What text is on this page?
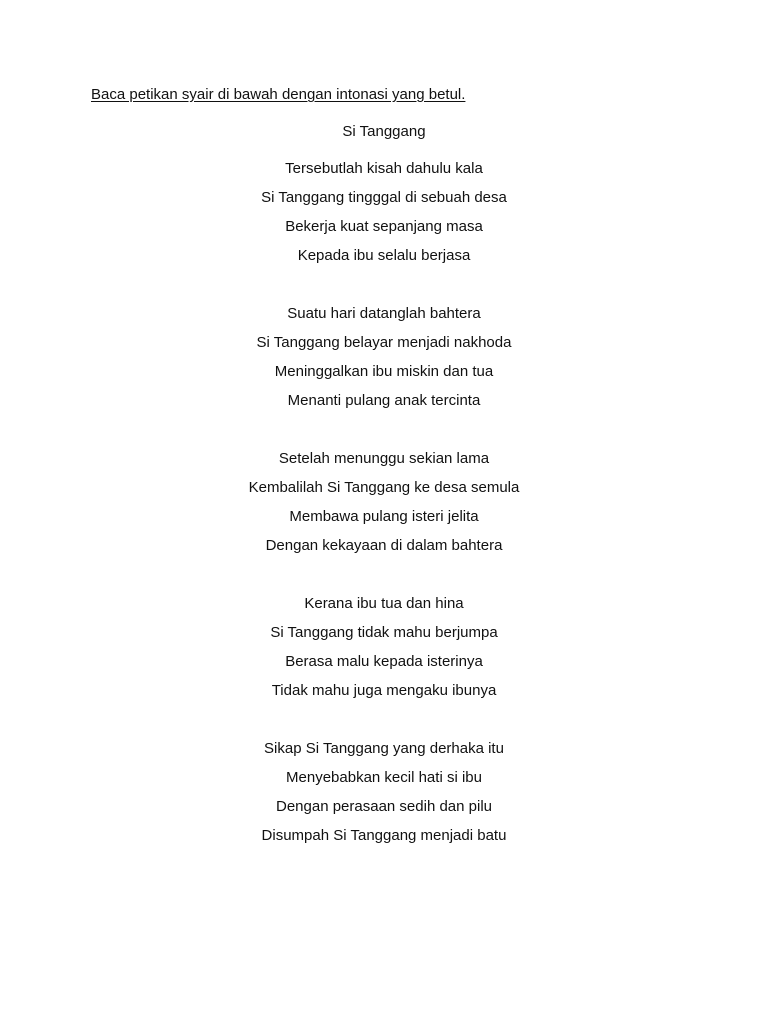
Baca petikan syair di bawah dengan intonasi yang betul.
Si Tanggang
Tersebutlah kisah dahulu kala
Si Tanggang tingggal di sebuah desa
Bekerja kuat sepanjang masa
Kepada ibu selalu berjasa
Suatu hari datanglah bahtera
Si Tanggang belayar menjadi nakhoda
Meninggalkan ibu miskin dan tua
Menanti pulang anak tercinta
Setelah menunggu sekian lama
Kembalilah Si Tanggang ke desa semula
Membawa pulang isteri jelita
Dengan kekayaan di dalam bahtera
Kerana ibu tua dan hina
Si Tanggang tidak mahu berjumpa
Berasa malu kepada isterinya
Tidak mahu juga mengaku ibunya
Sikap Si Tanggang yang derhaka itu
Menyebabkan kecil hati si ibu
Dengan perasaan sedih dan pilu
Disumpah Si Tanggang menjadi batu
